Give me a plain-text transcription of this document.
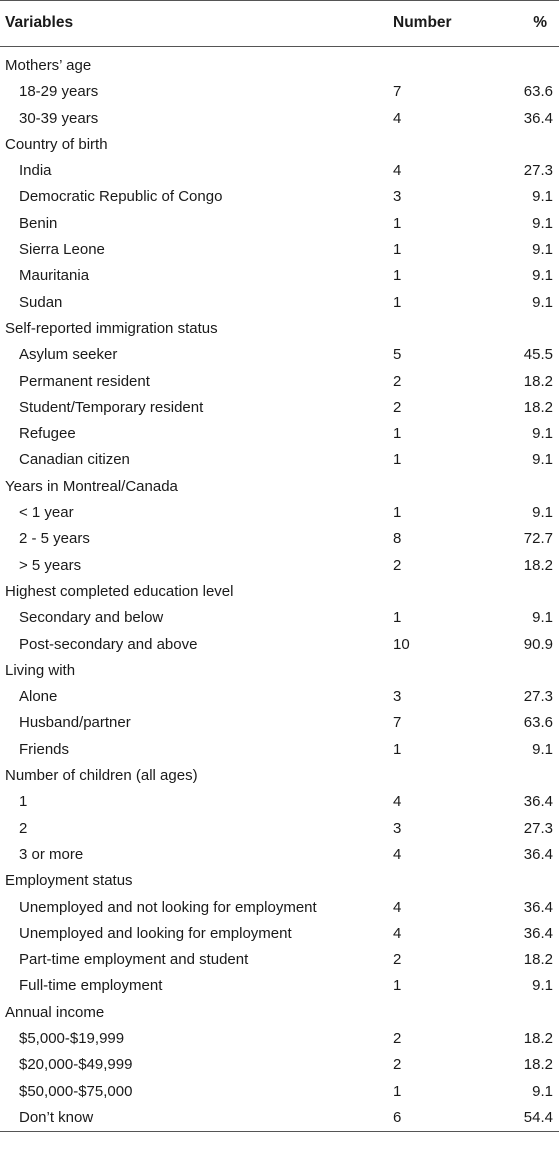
Variables	Number	%
Mothers’ age
18-29 years	7	63.6
30-39 years	4	36.4
Country of birth
India	4	27.3
Democratic Republic of Congo	3	9.1
Benin	1	9.1
Sierra Leone	1	9.1
Mauritania	1	9.1
Sudan	1	9.1
Self-reported immigration status
Asylum seeker	5	45.5
Permanent resident	2	18.2
Student/Temporary resident	2	18.2
Refugee	1	9.1
Canadian citizen	1	9.1
Years in Montreal/Canada
< 1 year	1	9.1
2 - 5 years	8	72.7
> 5 years	2	18.2
Highest completed education level
Secondary and below	1	9.1
Post-secondary and above	10	90.9
Living with
Alone	3	27.3
Husband/partner	7	63.6
Friends	1	9.1
Number of children (all ages)
1	4	36.4
2	3	27.3
3 or more	4	36.4
Employment status
Unemployed and not looking for employment	4	36.4
Unemployed and looking for employment	4	36.4
Part-time employment and student	2	18.2
Full-time employment	1	9.1
Annual income
$5,000-$19,999	2	18.2
$20,000-$49,999	2	18.2
$50,000-$75,000	1	9.1
Don’t know	6	54.4
